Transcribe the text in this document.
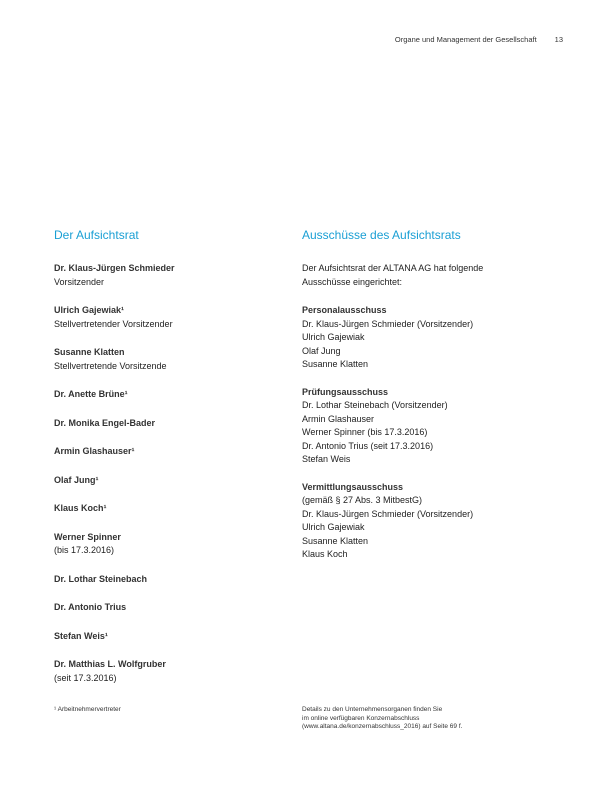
Organe und Management der Gesellschaft 13
Der Aufsichtsrat
Dr. Klaus-Jürgen Schmieder
Vorsitzender
Ulrich Gajewiak¹
Stellvertretender Vorsitzender
Susanne Klatten
Stellvertretende Vorsitzende
Dr. Anette Brüne¹
Dr. Monika Engel-Bader
Armin Glashauser¹
Olaf Jung¹
Klaus Koch¹
Werner Spinner
(bis 17.3.2016)
Dr. Lothar Steinebach
Dr. Antonio Trius
Stefan Weis¹
Dr. Matthias L. Wolfgruber
(seit 17.3.2016)
Ausschüsse des Aufsichtsrats
Der Aufsichtsrat der ALTANA AG hat folgende
Ausschüsse eingerichtet:
Personalausschuss
Dr. Klaus-Jürgen Schmieder (Vorsitzender)
Ulrich Gajewiak
Olaf Jung
Susanne Klatten
Prüfungsausschuss
Dr. Lothar Steinebach (Vorsitzender)
Armin Glashauser
Werner Spinner (bis 17.3.2016)
Dr. Antonio Trius (seit 17.3.2016)
Stefan Weis
Vermittlungsausschuss
(gemäß § 27 Abs. 3 MitbestG)
Dr. Klaus-Jürgen Schmieder (Vorsitzender)
Ulrich Gajewiak
Susanne Klatten
Klaus Koch
¹ Arbeitnehmervertreter	Details zu den Unternehmensorganen finden Sie
im online verfügbaren Konzernabschluss
(www.altana.de/konzernabschluss_2016) auf Seite 69 f.
